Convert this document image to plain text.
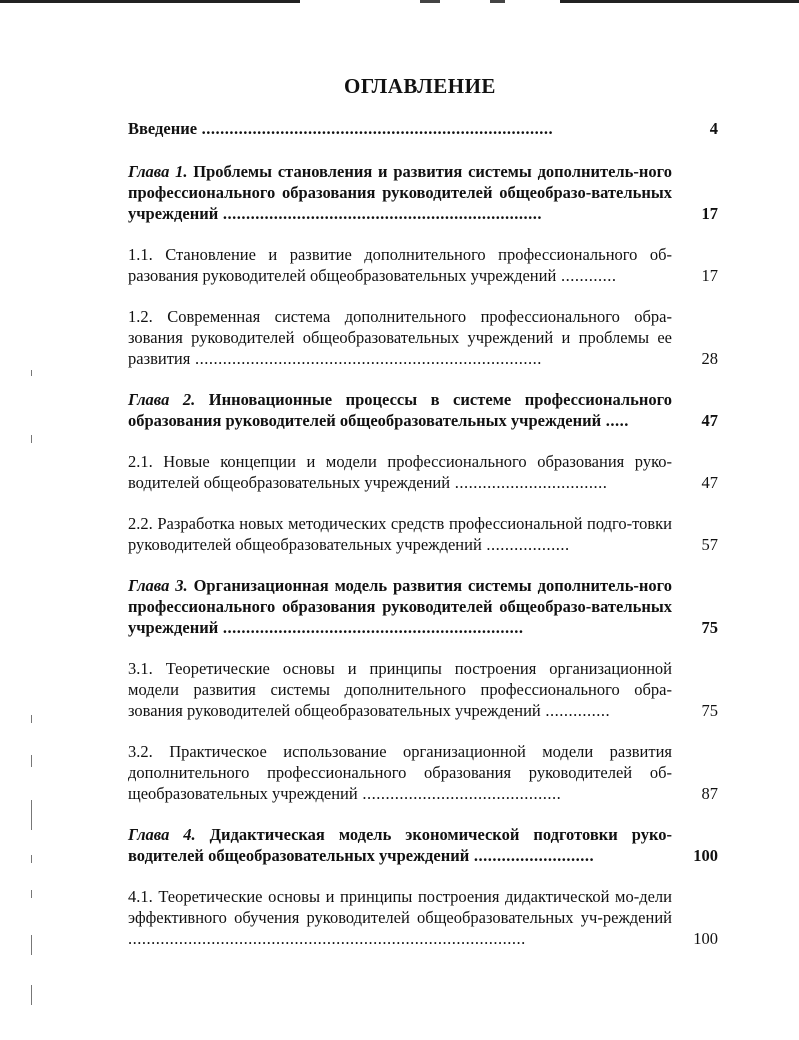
ОГЛАВЛЕНИЕ
Введение ............................................................................	4
Глава 1. Проблемы становления и развития системы дополнитель-ного профессионального образования руководителей общеобразо-вательных учреждений .....................................................................	17
1.1. Становление и развитие дополнительного профессионального об-разования руководителей общеобразовательных учреждений ............	17
1.2. Современная система дополнительного профессионального обра-зования руководителей общеобразовательных учреждений и проблемы ее развития ...........................................................................	28
Глава 2. Инновационные процессы в системе профессионального образования руководителей общеобразовательных учреждений .....	47
2.1. Новые концепции и модели профессионального образования руко-водителей общеобразовательных учреждений .................................	47
2.2. Разработка новых методических средств профессиональной подго-товки руководителей общеобразовательных учреждений ..................	57
Глава 3. Организационная модель развития системы дополнитель-ного профессионального образования руководителей общеобразо-вательных учреждений .................................................................	75
3.1. Теоретические основы и принципы построения организационной модели развития системы дополнительного профессионального обра-зования руководителей общеобразовательных учреждений ..............	75
3.2. Практическое использование организационной модели развития дополнительного профессионального образования руководителей об-щеобразовательных учреждений ...........................................	87
Глава 4. Дидактическая модель экономической подготовки руко-водителей общеобразовательных учреждений ..........................	100
4.1. Теоретические основы и принципы построения дидактической мо-дели эффективного обучения руководителей общеобразовательных уч-реждений ......................................................................................	100
